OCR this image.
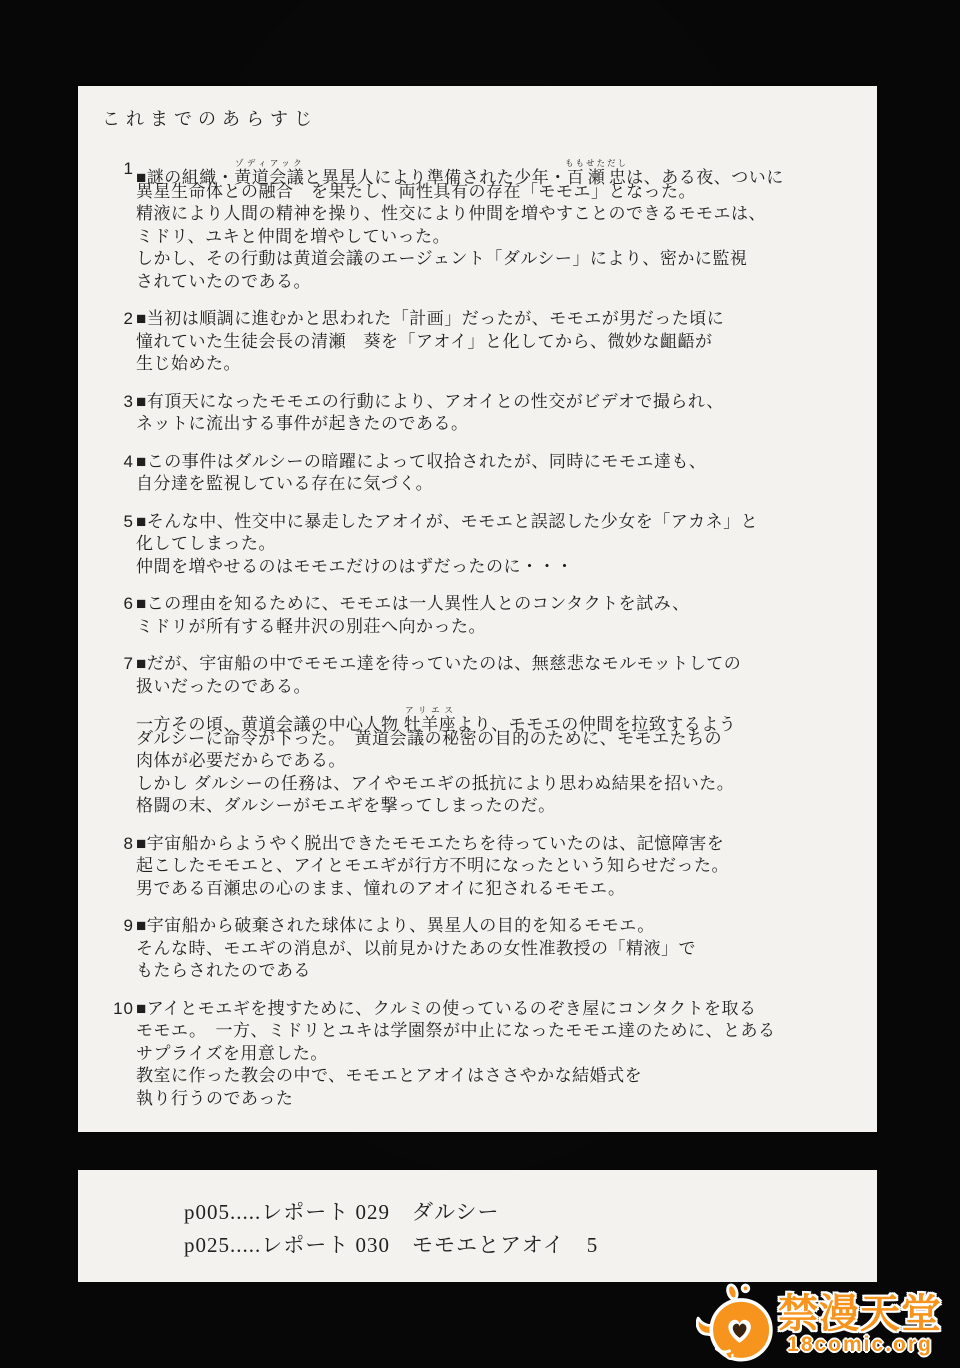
これまでのあらすじ
1 ■謎の組織・黄道会議ゾディアックと異星人により準備された少年・百瀬忠ももせただしは、ある夜、ついに
異星生命体との融合　を果たし、両性具有の存在「モモエ」となった。
精液により人間の精神を操り、性交により仲間を増やすことのできるモモエは、
ミドリ、ユキと仲間を増やしていった。
しかし、その行動は黄道会議のエージェント「ダルシー」により、密かに監視
されていたのである。
2 ■当初は順調に進むかと思われた「計画」だったが、モモエが男だった頃に
憧れていた生徒会長の清瀬　葵を「アオイ」と化してから、微妙な齟齬が
生じ始めた。
3 ■有頂天になったモモエの行動により、アオイとの性交がビデオで撮られ、
ネットに流出する事件が起きたのである。
4 ■この事件はダルシーの暗躍によって収拾されたが、同時にモモエ達も、
自分達を監視している存在に気づく。
5 ■そんな中、性交中に暴走したアオイが、モモエと誤認した少女を「アカネ」と
化してしまった。
仲間を増やせるのはモモエだけのはずだったのに・・・
6 ■この理由を知るために、モモエは一人異性人とのコンタクトを試み、
ミドリが所有する軽井沢の別荘へ向かった。
7 ■だが、宇宙船の中でモモエ達を待っていたのは、無慈悲なモルモットしての
扱いだったのである。
一方その頃、黄道会議の中心人物 牡羊座アリエスより、モモエの仲間を拉致するよう
ダルシーに命令が下った。　黄道会議の秘密の目的のために、モモエたちの
肉体が必要だからである。
しかし ダルシーの任務は、アイやモエギの抵抗により思わぬ結果を招いた。
格闘の末、ダルシーがモエギを撃ってしまったのだ。
8 ■宇宙船からようやく脱出できたモモエたちを待っていたのは、記憶障害を
起こしたモモエと、アイとモエギが行方不明になったという知らせだった。
男である百瀬忠の心のまま、憧れのアオイに犯されるモモエ。
9 ■宇宙船から破棄された球体により、異星人の目的を知るモモエ。
そんな時、モエギの消息が、以前見かけたあの女性准教授の「精液」で
もたらされたのである
10 ■アイとモエギを捜すために、クルミの使っているのぞき屋にコンタクトを取る
モモエ。　一方、ミドリとユキは学園祭が中止になったモモエ達のために、とある
サプライズを用意した。
教室に作った教会の中で、モモエとアオイはささやかな結婚式を
執り行うのであった
p005.....レポート 029　ダルシー
p025.....レポート 030　モモエとアオイ　5
禁漫天堂
18comic.org
